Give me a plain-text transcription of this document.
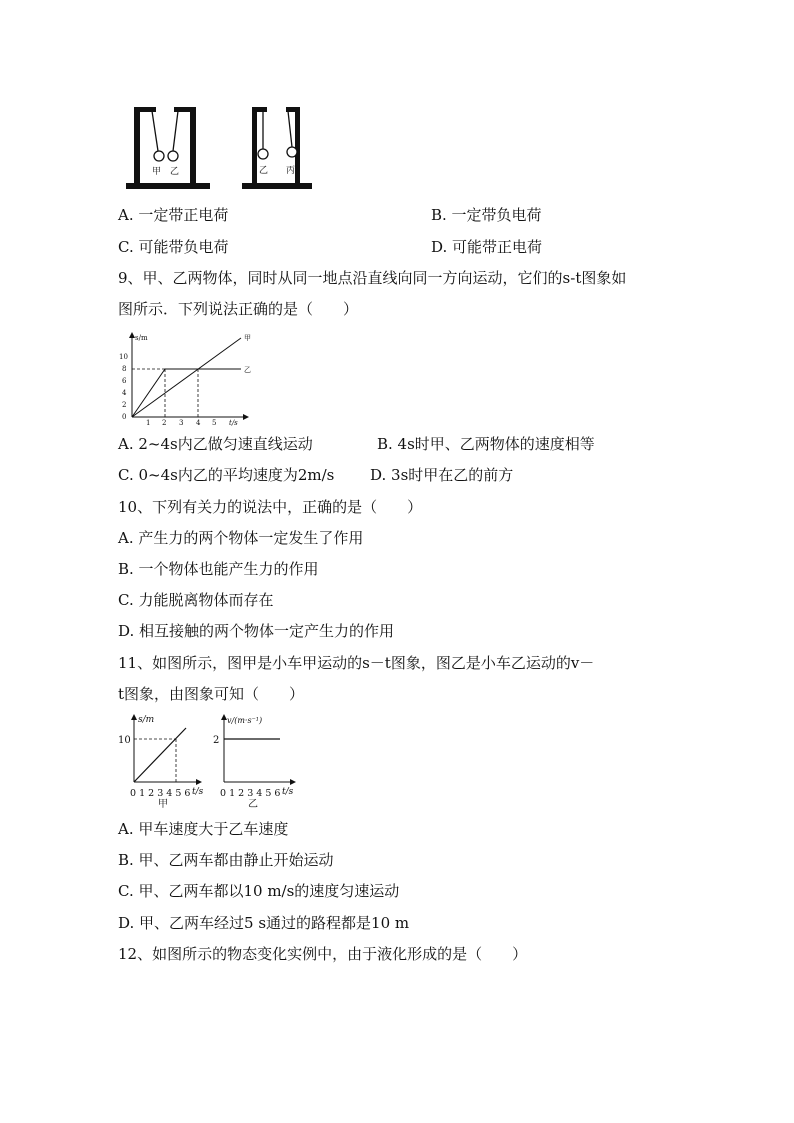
甲 乙	乙 丙
A. 一定带正电荷	B. 一定带负电荷
C. 可能带负电荷	D. 可能带正电荷
9、甲、乙两物体，同时从同一地点沿直线向同一方向运动，它们的s-t图象如
图所示．下列说法正确的是（　　）
s/m
t/s
10
8
6
4
2
0
1 2 3 4 5
甲
乙
A. 2~4s内乙做匀速直线运动	B. 4s时甲、乙两物体的速度相等
C. 0~4s内乙的平均速度为2m/s D. 3s时甲在乙的前方
10、下列有关力的说法中，正确的是（　　）
A. 产生力的两个物体一定发生了作用
B. 一个物体也能产生力的作用
C. 力能脱离物体而存在
D. 相互接触的两个物体一定产生力的作用
11、如图所示，图甲是小车甲运动的s－t图象，图乙是小车乙运动的v－
t图象，由图象可知（　　）
s/m
10
0 1 2 3 4 5 6 t/s
甲
v/(m·s⁻¹)
2
0 1 2 3 4 5 6 t/s
乙
A. 甲车速度大于乙车速度
B. 甲、乙两车都由静止开始运动
C. 甲、乙两车都以10 m/s的速度匀速运动
D. 甲、乙两车经过5 s通过的路程都是10 m
12、如图所示的物态变化实例中，由于液化形成的是（　　）
